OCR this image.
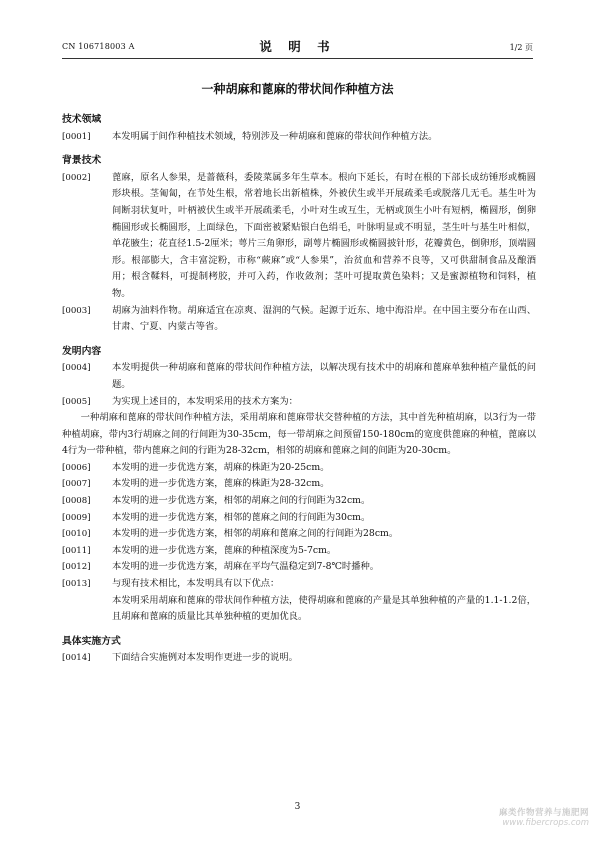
CN 106718003 A	说 明 书	1/2 页
一种胡麻和蓖麻的带状间作种植方法
技术领域
[0001]	本发明属于间作种植技术领域，特别涉及一种胡麻和蓖麻的带状间作种植方法。
背景技术
[0002]	蓖麻，原名人参果，是蔷薇科，委陵菜属多年生草本。根向下延长，有时在根的下部长成纺锤形或椭圆形块根。茎匍匐，在节处生根，常着地长出新植株，外被伏生或半开展疏柔毛或脱落几无毛。基生叶为间断羽状复叶，叶柄被伏生或半开展疏柔毛，小叶对生或互生，无柄或顶生小叶有短柄，椭圆形，倒卵椭圆形或长椭圆形，上面绿色，下面密被紧贴银白色绢毛，叶脉明显或不明显，茎生叶与基生叶相似，单花腋生；花直径1.5-2厘米；萼片三角卵形，副萼片椭圆形或椭圆披针形，花瓣黄色，倒卵形，顶端圆形。根部膨大，含丰富淀粉，市称“蕨麻”或“人参果”，治贫血和营养不良等，又可供甜制食品及酿酒用；根含鞣料，可提制栲胶，并可入药，作收敛剂；茎叶可提取黄色染料；又是蜜源植物和饲料，植物。
[0003]	胡麻为油料作物。胡麻适宜在凉爽、湿润的气候。起源于近东、地中海沿岸。在中国主要分布在山西、甘肃、宁夏、内蒙古等省。
发明内容
[0004]	本发明提供一种胡麻和蓖麻的带状间作种植方法，以解决现有技术中的胡麻和蓖麻单独种植产量低的问题。
[0005]	为实现上述目的，本发明采用的技术方案为：
一种胡麻和蓖麻的带状间作种植方法，采用胡麻和蓖麻带状交替种植的方法，其中首先种植胡麻，以3行为一带种植胡麻，带内3行胡麻之间的行间距为30-35cm，每一带胡麻之间预留150-180cm的宽度供蓖麻的种植，蓖麻以4行为一带种植，带内蓖麻之间的行距为28-32cm，相邻的胡麻和蓖麻之间的间距为20-30cm。
[0006]	本发明的进一步优选方案，胡麻的株距为20-25cm。
[0007]	本发明的进一步优选方案，蓖麻的株距为28-32cm。
[0008]	本发明的进一步优选方案，相邻的胡麻之间的行间距为32cm。
[0009]	本发明的进一步优选方案，相邻的蓖麻之间的行间距为30cm。
[0010]	本发明的进一步优选方案，相邻的胡麻和蓖麻之间的行间距为28cm。
[0011]	本发明的进一步优选方案，蓖麻的种植深度为5-7cm。
[0012]	本发明的进一步优选方案，胡麻在平均气温稳定到7-8℃时播种。
[0013]	与现有技术相比，本发明具有以下优点：
本发明采用胡麻和蓖麻的带状间作种植方法，使得胡麻和蓖麻的产量是其单独种植的产量的1.1-1.2倍，且胡麻和蓖麻的质量比其单独种植的更加优良。
具体实施方式
[0014]	下面结合实施例对本发明作更进一步的说明。
3
麻类作物营养与施肥网
www.fibercrops.com
